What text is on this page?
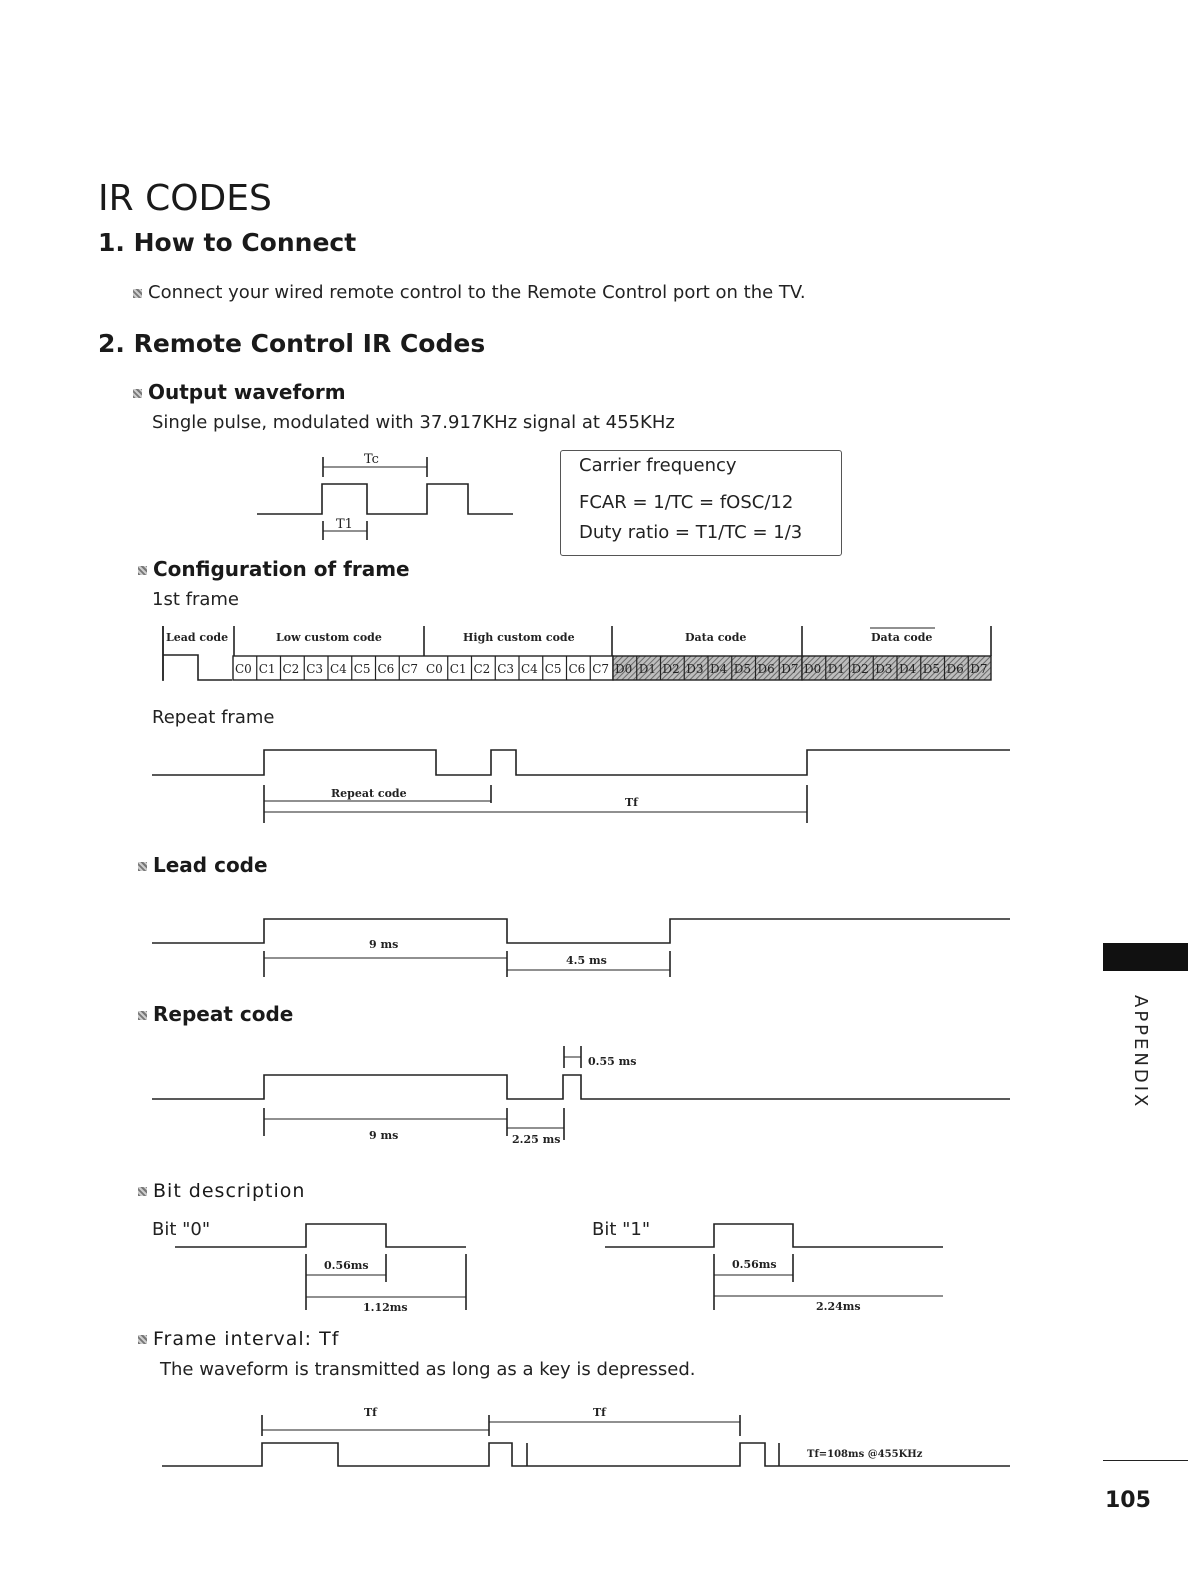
IR CODES
1. How to Connect
Connect your wired remote control to the Remote Control port on the TV.
2. Remote Control IR Codes
Output waveform
Single pulse, modulated with 37.917KHz signal at 455KHz
Carrier frequency
FCAR = 1/TC = fOSC/12
Duty ratio = T1/TC = 1/3
Configuration of frame
1st frame
Repeat frame
Lead code
Repeat code
Bit description
Bit "0"	Bit "1"
Frame interval: Tf
The waveform is transmitted as long as a key is depressed.
Tc
T1
Lead code	Low custom code	High custom code	Data code	Data code
C0 C1 C2 C3 C4 C5 C6 C7 C0 C1 C2 C3 C4 C5 C6 C7 D0 D1 D2 D3 D4 D5 D6 D7 D0 D1 D2 D3 D4 D5 D6 D7
Repeat code
Tf
9 ms
4.5 ms
0.55 ms
9 ms	2.25 ms
0.56ms
1.12ms
0.56ms
2.24ms
Tf	Tf
Tf=108ms @455KHz
APPENDIX
105
